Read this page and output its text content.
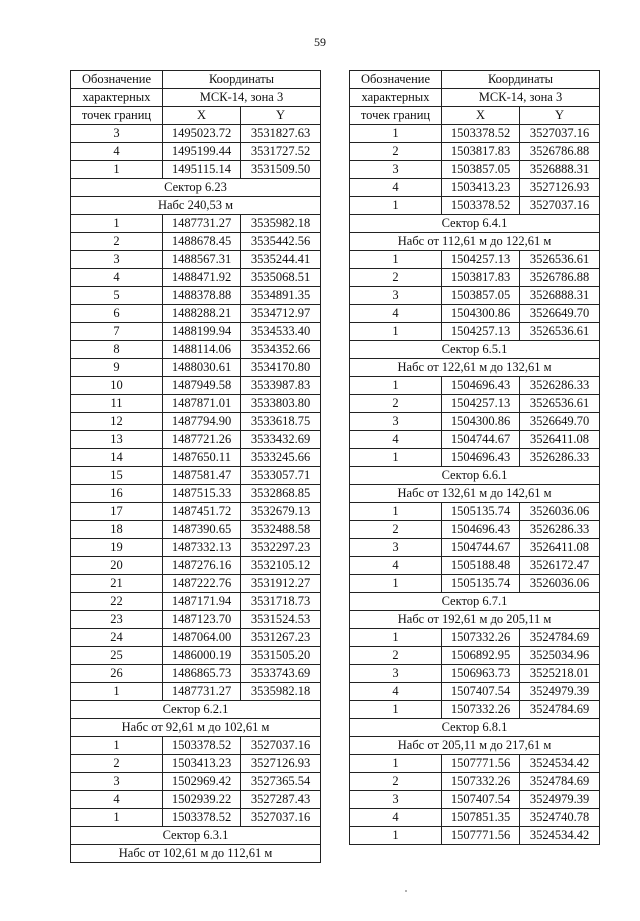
59
Обозначение	Координаты	
характерных	МСК-14, зона 3	
точек границ	X	Y
3	1495023.72	3531827.63
4	1495199.44	3531727.52
1	1495115.14	3531509.50
Сектор 6.23		
Набс 240,53 м		
1	1487731.27	3535982.18
2	1488678.45	3535442.56
3	1488567.31	3535244.41
4	1488471.92	3535068.51
5	1488378.88	3534891.35
6	1488288.21	3534712.97
7	1488199.94	3534533.40
8	1488114.06	3534352.66
9	1488030.61	3534170.80
10	1487949.58	3533987.83
11	1487871.01	3533803.80
12	1487794.90	3533618.75
13	1487721.26	3533432.69
14	1487650.11	3533245.66
15	1487581.47	3533057.71
16	1487515.33	3532868.85
17	1487451.72	3532679.13
18	1487390.65	3532488.58
19	1487332.13	3532297.23
20	1487276.16	3532105.12
21	1487222.76	3531912.27
22	1487171.94	3531718.73
23	1487123.70	3531524.53
24	1487064.00	3531267.23
25	1486000.19	3531505.20
26	1486865.73	3533743.69
1	1487731.27	3535982.18
Сектор 6.2.1		
Набс от 92,61 м до 102,61 м		
1	1503378.52	3527037.16
2	1503413.23	3527126.93
3	1502969.42	3527365.54
4	1502939.22	3527287.43
1	1503378.52	3527037.16
Сектор 6.3.1		
Набс от 102,61 м до 112,61 м		
Обозначение	Координаты	
характерных	МСК-14, зона 3	
точек границ	X	Y
1	1503378.52	3527037.16
2	1503817.83	3526786.88
3	1503857.05	3526888.31
4	1503413.23	3527126.93
1	1503378.52	3527037.16
Сектор 6.4.1		
Набс от 112,61 м до 122,61 м		
1	1504257.13	3526536.61
2	1503817.83	3526786.88
3	1503857.05	3526888.31
4	1504300.86	3526649.70
1	1504257.13	3526536.61
Сектор 6.5.1		
Набс от 122,61 м до 132,61 м		
1	1504696.43	3526286.33
2	1504257.13	3526536.61
3	1504300.86	3526649.70
4	1504744.67	3526411.08
1	1504696.43	3526286.33
Сектор 6.6.1		
Набс от 132,61 м до 142,61 м		
1	1505135.74	3526036.06
2	1504696.43	3526286.33
3	1504744.67	3526411.08
4	1505188.48	3526172.47
1	1505135.74	3526036.06
Сектор 6.7.1		
Набс от 192,61 м до 205,11 м		
1	1507332.26	3524784.69
2	1506892.95	3525034.96
3	1506963.73	3525218.01
4	1507407.54	3524979.39
1	1507332.26	3524784.69
Сектор 6.8.1		
Набс от 205,11 м до 217,61 м		
1	1507771.56	3524534.42
2	1507332.26	3524784.69
3	1507407.54	3524979.39
4	1507851.35	3524740.78
1	1507771.56	3524534.42
